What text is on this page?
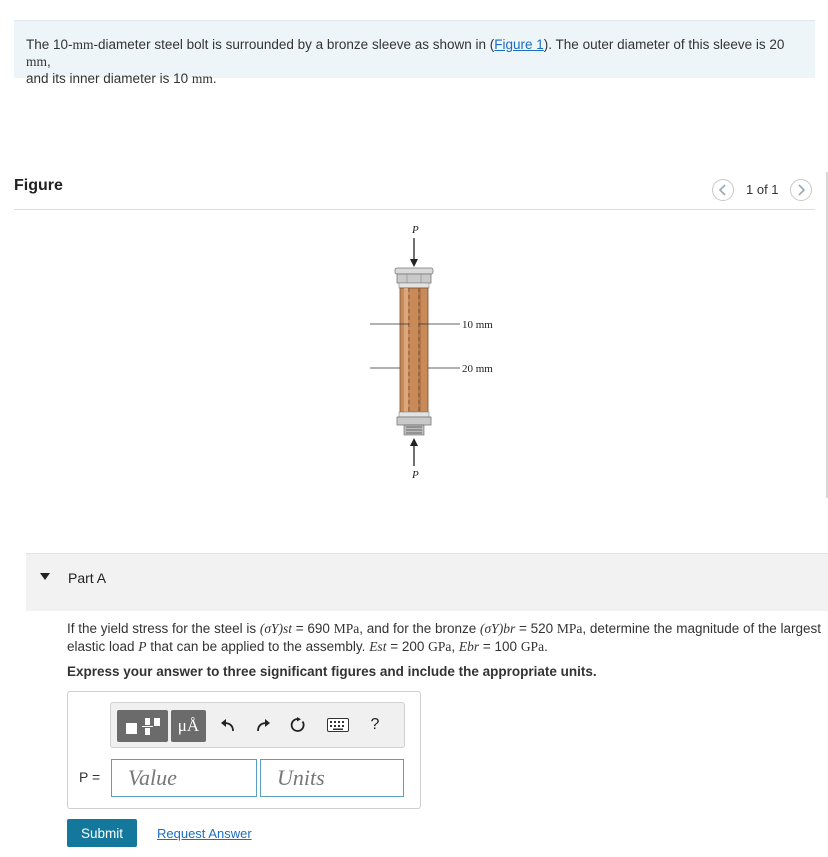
The 10-mm-diameter steel bolt is surrounded by a bronze sleeve as shown in (Figure 1). The outer diameter of this sleeve is 20 mm,
and its inner diameter is 10 mm.
Figure	1 of 1
P
P
10 mm
20 mm
Part A
If the yield stress for the steel is (σY)st = 690 MPa, and for the bronze (σY)br = 520 MPa, determine the magnitude of the largest
elastic load P that can be applied to the assembly. Est = 200 GPa, Ebr = 100 GPa.
Express your answer to three significant figures and include the appropriate units.
μÅ	?
P =	Value	Units
Submit	Request Answer
